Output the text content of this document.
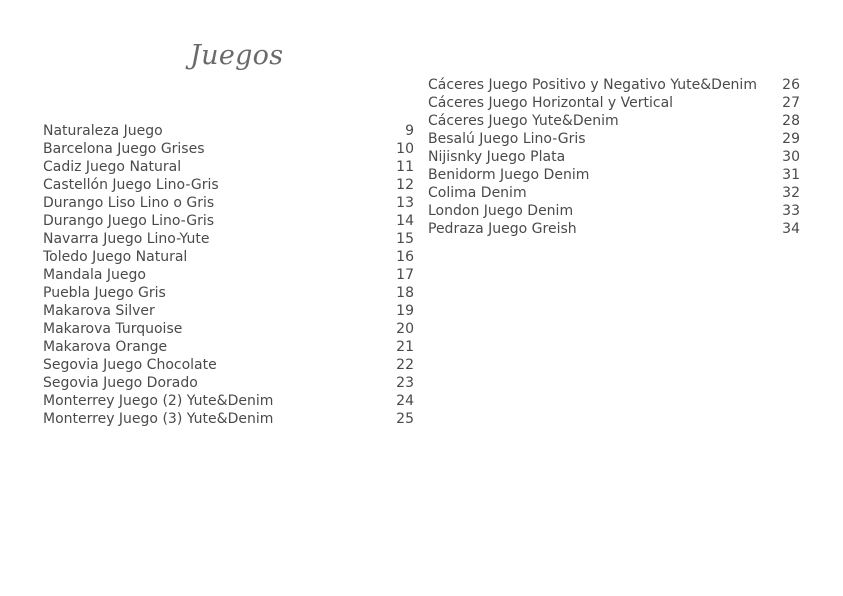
Juegos
Naturaleza Juego	9
Barcelona Juego Grises	10
Cadiz Juego Natural	11
Castellón Juego Lino-Gris	12
Durango Liso Lino o Gris	13
Durango Juego Lino-Gris	14
Navarra Juego Lino-Yute	15
Toledo Juego Natural	16
Mandala Juego	17
Puebla Juego Gris	18
Makarova Silver	19
Makarova Turquoise	20
Makarova Orange	21
Segovia Juego Chocolate	22
Segovia Juego Dorado	23
Monterrey Juego (2) Yute&Denim	24
Monterrey Juego (3) Yute&Denim	25
Cáceres Juego Positivo y Negativo Yute&Denim 26
Cáceres Juego Horizontal y Vertical	27
Cáceres Juego Yute&Denim	28
Besalú Juego Lino-Gris	29
Nijisnky Juego Plata	30
Benidorm Juego Denim	31
Colima Denim	32
London Juego Denim	33
Pedraza Juego Greish	34
